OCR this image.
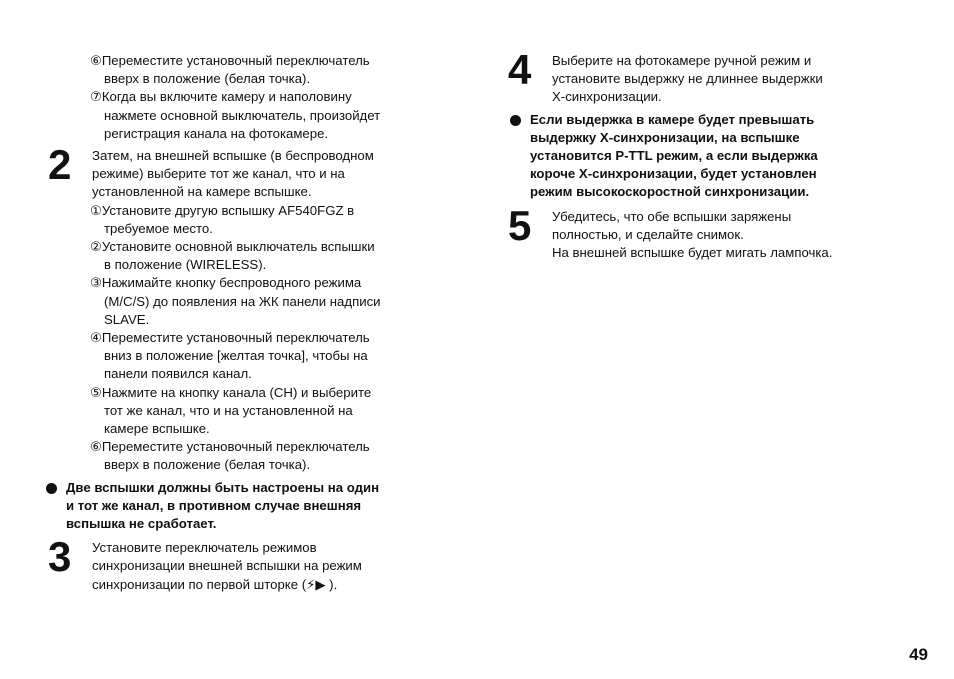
⑥Переместите установочный переключатель
вверх в положение (белая точка).
⑦Когда вы включите камеру и наполовину
нажмете основной выключатель, произойдет
регистрация канала на фотокамере.
2	Затем, на внешней вспышке (в беспроводном
режиме) выберите тот же канал, что и на
установленной на камере вспышке.
①Установите другую вспышку AF540FGZ в
требуемое место.
②Установите основной выключатель вспышки
в положение (WIRELESS).
③Нажимайте кнопку беспроводного режима
(M/C/S) до появления на ЖК панели надписи
SLAVE.
④Переместите установочный переключатель
вниз в положение [желтая точка], чтобы на
панели появился канал.
⑤Нажмите на кнопку канала (CH) и выберите
тот же канал, что и на установленной на
камере вспышке.
⑥Переместите установочный переключатель
вверх в положение (белая точка).
Две вспышки должны быть настроены на один
и тот же канал, в противном случае внешняя
вспышка не сработает.
3	Установите переключатель режимов
синхронизации внешней вспышки на режим
синхронизации по первой шторке (⚡▶ ).
4	Выберите на фотокамере ручной режим и
установите выдержку не длиннее выдержки
X-синхронизации.
Если выдержка в камере будет превышать
выдержку X-синхронизации, на вспышке
установится P-TTL режим, а если выдержка
короче X-синхронизации, будет установлен
режим высокоскоростной синхронизации.
5	Убедитесь, что обе вспышки заряжены
полностью, и сделайте снимок.
На внешней вспышке будет мигать лампочка.
49
